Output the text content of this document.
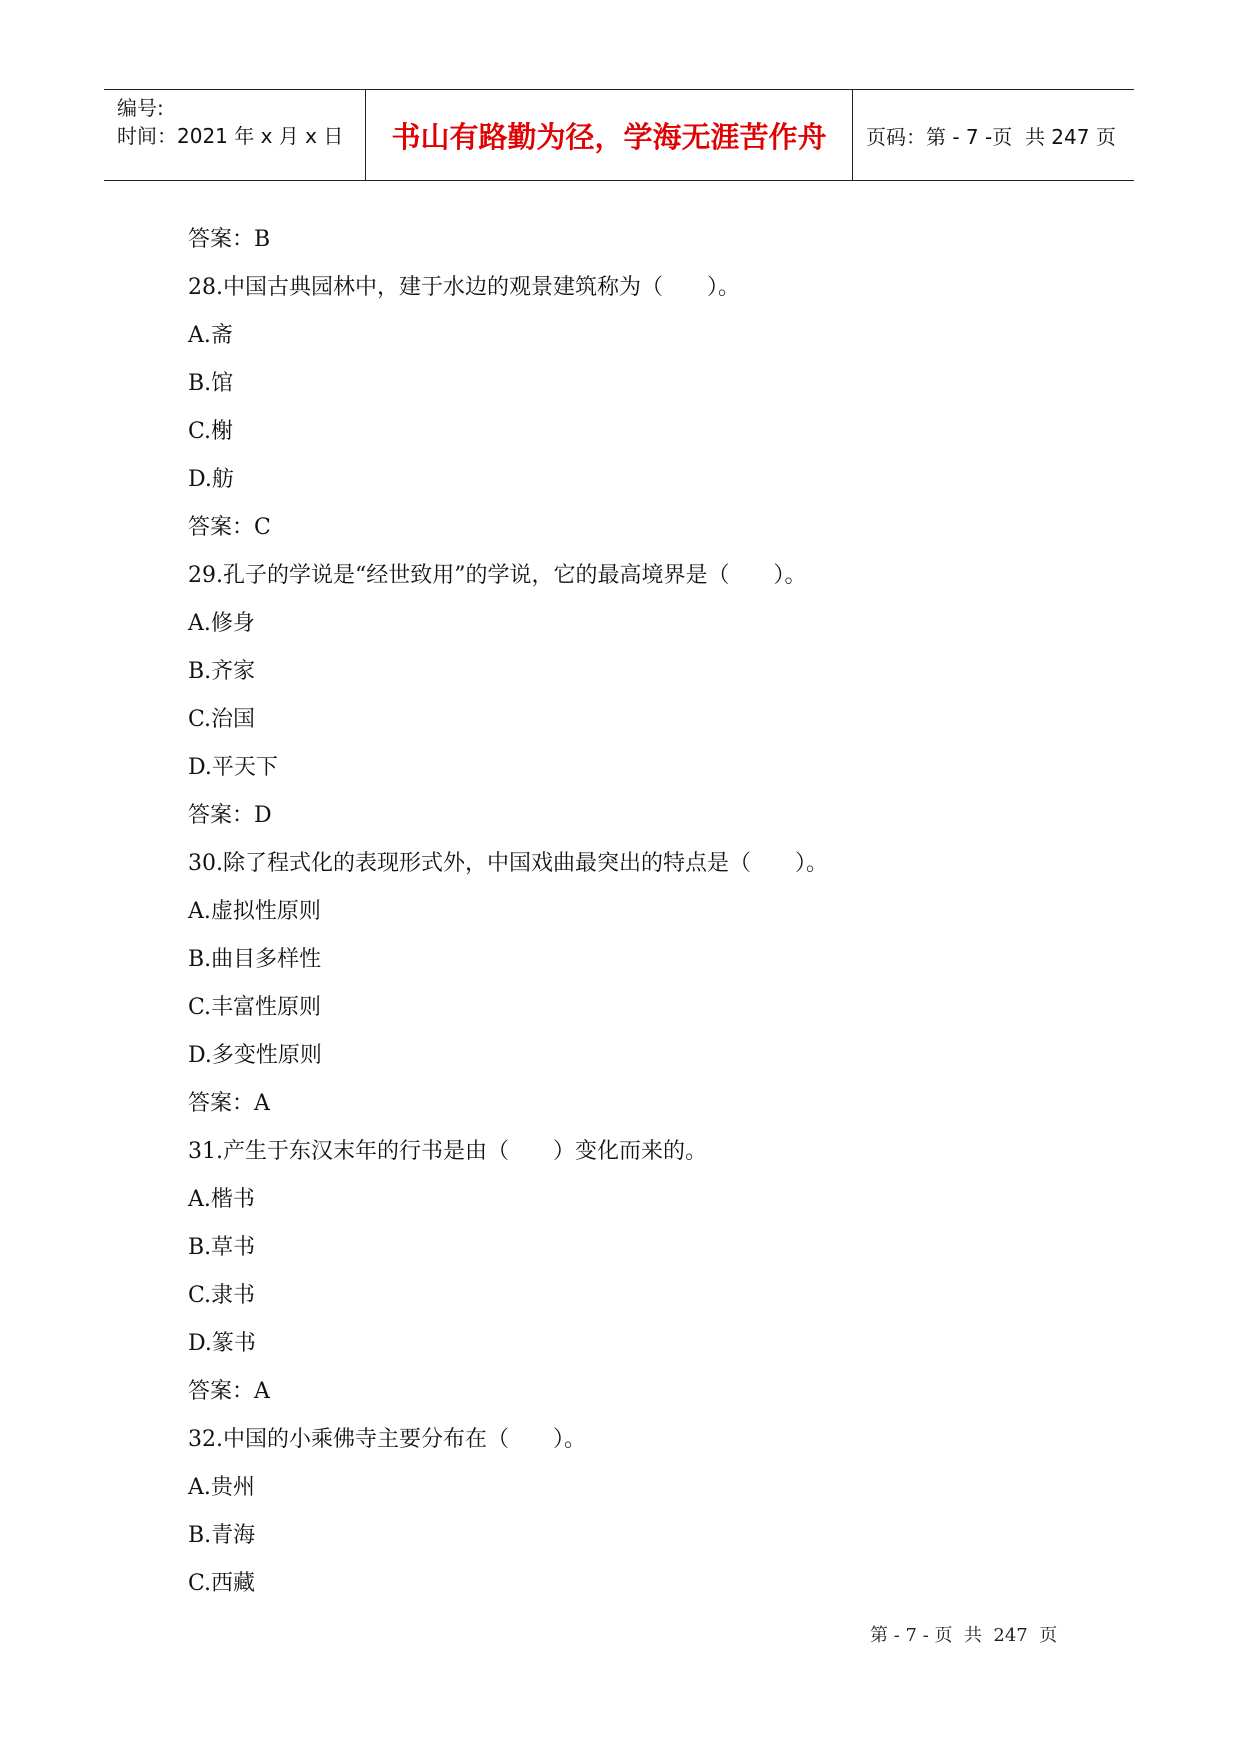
编号:
时间：2021 年 x 月 x 日	书山有路勤为径，学海无涯苦作舟	页码：第 - 7 -页  共 247 页
答案：B
28.中国古典园林中，建于水边的观景建筑称为（　　）。
A.斋
B.馆
C.榭
D.舫
答案：C
29.孔子的学说是“经世致用”的学说，它的最高境界是（　　）。
A.修身
B.齐家
C.治国
D.平天下
答案：D
30.除了程式化的表现形式外，中国戏曲最突出的特点是（　　）。
A.虚拟性原则
B.曲目多样性
C.丰富性原则
D.多变性原则
答案：A
31.产生于东汉末年的行书是由（　　）变化而来的。
A.楷书
B.草书
C.隶书
D.篆书
答案：A
32.中国的小乘佛寺主要分布在（　　）。
A.贵州
B.青海
C.西藏
第 - 7 - 页  共  247  页
